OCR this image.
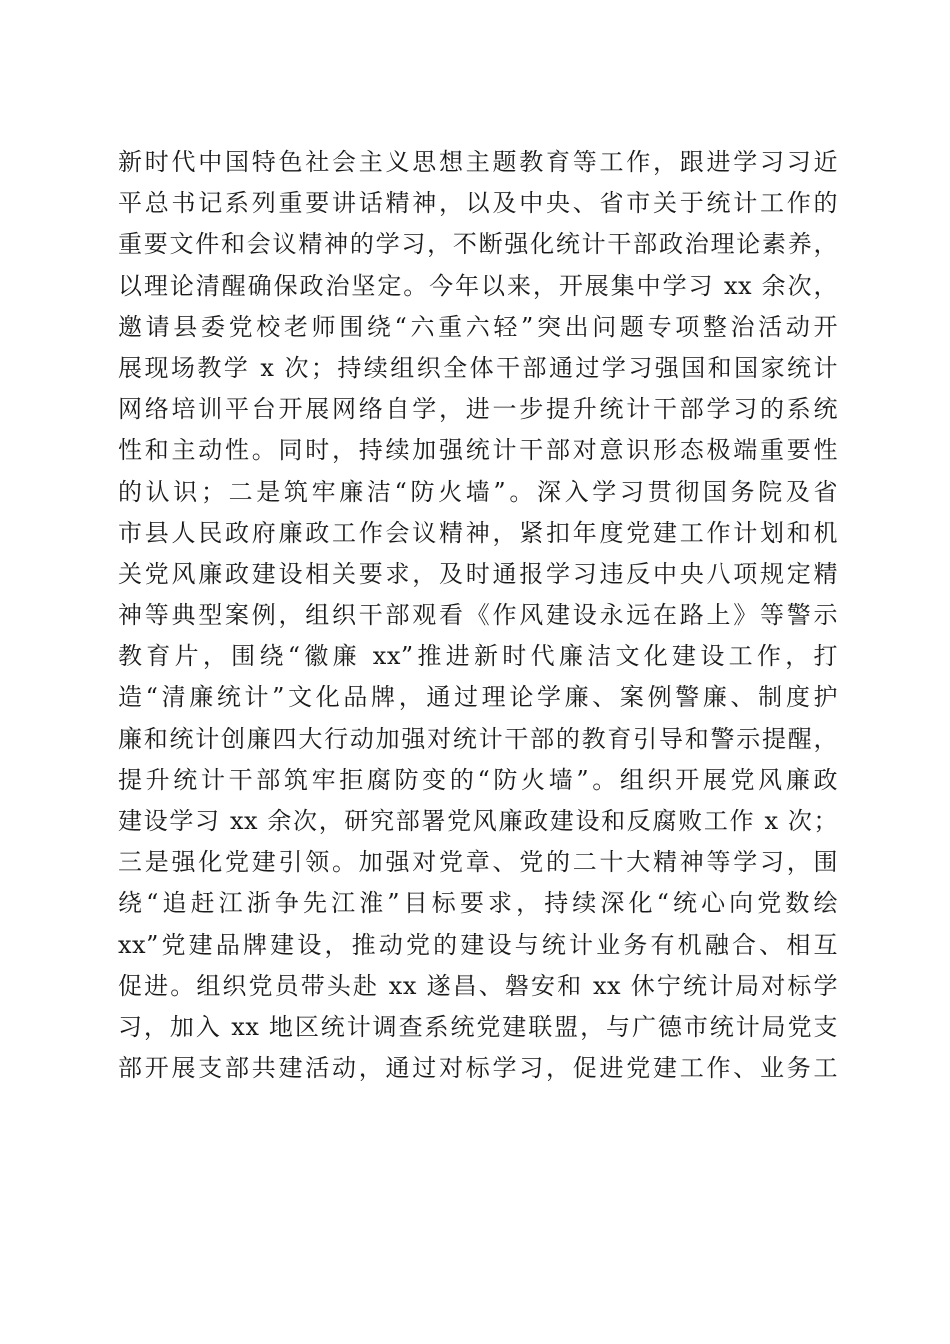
新时代中国特色社会主义思想主题教育等工作，跟进学习习近
平总书记系列重要讲话精神，以及中央、省市关于统计工作的
重要文件和会议精神的学习，不断强化统计干部政治理论素养，
以理论清醒确保政治坚定。今年以来，开展集中学习 xx 余次，
邀请县委党校老师围绕“六重六轻”突出问题专项整治活动开
展现场教学 x 次；持续组织全体干部通过学习强国和国家统计
网络培训平台开展网络自学，进一步提升统计干部学习的系统
性和主动性。同时，持续加强统计干部对意识形态极端重要性
的认识；二是筑牢廉洁“防火墙”。深入学习贯彻国务院及省
市县人民政府廉政工作会议精神，紧扣年度党建工作计划和机
关党风廉政建设相关要求，及时通报学习违反中央八项规定精
神等典型案例，组织干部观看《作风建设永远在路上》等警示
教育片，围绕“徽廉 xx”推进新时代廉洁文化建设工作，打
造“清廉统计”文化品牌，通过理论学廉、案例警廉、制度护
廉和统计创廉四大行动加强对统计干部的教育引导和警示提醒，
提升统计干部筑牢拒腐防变的“防火墙”。组织开展党风廉政
建设学习 xx 余次，研究部署党风廉政建设和反腐败工作 x 次；
三是强化党建引领。加强对党章、党的二十大精神等学习，围
绕“追赶江浙争先江淮”目标要求，持续深化“统心向党数绘
xx”党建品牌建设，推动党的建设与统计业务有机融合、相互
促进。组织党员带头赴 xx 遂昌、磐安和 xx 休宁统计局对标学
习，加入 xx 地区统计调查系统党建联盟，与广德市统计局党支
部开展支部共建活动，通过对标学习，促进党建工作、业务工
